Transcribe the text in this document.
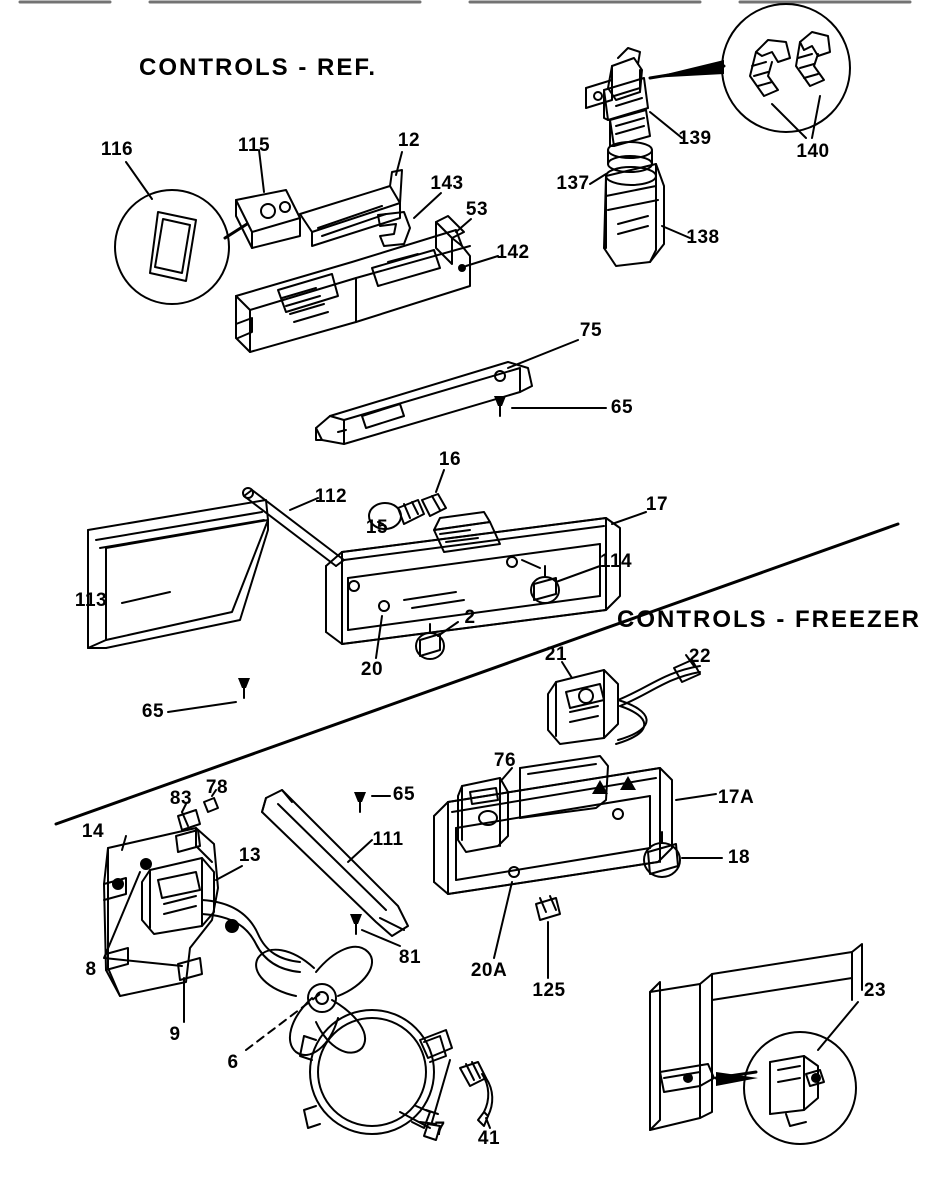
CONTROLS - REF.
CONTROLS - FREEZER
116	115	12
143
53
142
139
140
137
138
75
65
16
112
15
17
114
113
2
20
65
21	22
76
17A
18
65
83
78
14
13
111
81
8
9
6
7 41
20A
125	23
